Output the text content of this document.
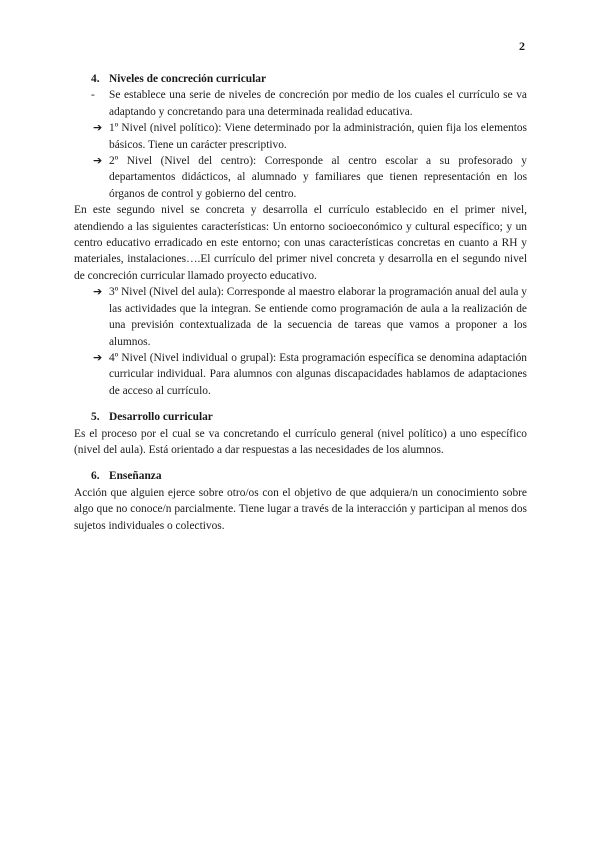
2
4. Niveles de concreción curricular
- Se establece una serie de niveles de concreción por medio de los cuales el currículo se va adaptando y concretando para una determinada realidad educativa.
➔ 1º Nivel (nivel político): Viene determinado por la administración, quien fija los elementos básicos. Tiene un carácter prescriptivo.
➔ 2º Nivel (Nivel del centro): Corresponde al centro escolar a su profesorado y departamentos didácticos, al alumnado y familiares que tienen representación en los órganos de control y gobierno del centro.

En este segundo nivel se concreta y desarrolla el currículo establecido en el primer nivel, atendiendo a las siguientes características: Un entorno socioeconómico y cultural específico; y un centro educativo erradicado en este entorno; con unas características concretas en cuanto a RH y materiales, instalaciones….El currículo del primer nivel concreta y desarrolla en el segundo nivel de concreción curricular llamado proyecto educativo.

➔ 3º Nivel (Nivel del aula): Corresponde al maestro elaborar la programación anual del aula y las actividades que la integran. Se entiende como programación de aula a la realización de una previsión contextualizada de la secuencia de tareas que vamos a proponer a los alumnos.
➔ 4º Nivel (Nivel individual o grupal): Esta programación específica se denomina adaptación curricular individual. Para alumnos con algunas discapacidades hablamos de adaptaciones de acceso al currículo.
5. Desarrollo curricular

Es el proceso por el cual se va concretando el currículo general (nivel político) a uno específico (nivel del aula). Está orientado a dar respuestas a las necesidades de los alumnos.

6. Enseñanza

Acción que alguien ejerce sobre otro/os con el objetivo de que adquiera/n un conocimiento sobre algo que no conoce/n parcialmente. Tiene lugar a través de la interacción y participan al menos dos sujetos individuales o colectivos.
